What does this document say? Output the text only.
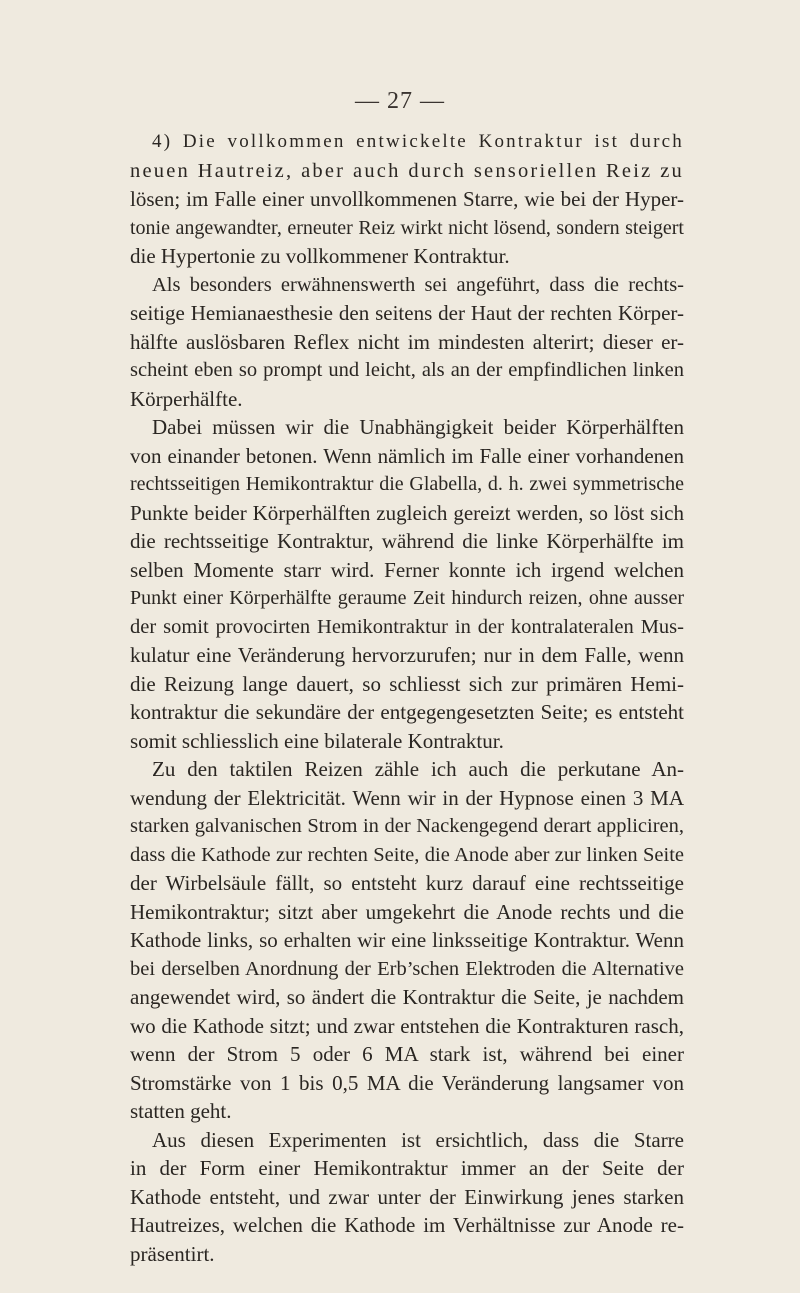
— 27 —
4) Die vollkommen entwickelte Kontraktur ist durch
neuen Hautreiz, aber auch durch sensoriellen Reiz zu
lösen; im Falle einer unvollkommenen Starre, wie bei der Hyper-
tonie angewandter, erneuter Reiz wirkt nicht lösend, sondern steigert
die Hypertonie zu vollkommener Kontraktur.
Als besonders erwähnenswerth sei angeführt, dass die rechts-
seitige Hemianaesthesie den seitens der Haut der rechten Körper-
hälfte auslösbaren Reflex nicht im mindesten alterirt; dieser er-
scheint eben so prompt und leicht, als an der empfindlichen linken
Körperhälfte.
Dabei müssen wir die Unabhängigkeit beider Körperhälften
von einander betonen. Wenn nämlich im Falle einer vorhandenen
rechtsseitigen Hemikontraktur die Glabella, d. h. zwei symmetrische
Punkte beider Körperhälften zugleich gereizt werden, so löst sich
die rechtsseitige Kontraktur, während die linke Körperhälfte im
selben Momente starr wird. Ferner konnte ich irgend welchen
Punkt einer Körperhälfte geraume Zeit hindurch reizen, ohne ausser
der somit provocirten Hemikontraktur in der kontralateralen Mus-
kulatur eine Veränderung hervorzurufen; nur in dem Falle, wenn
die Reizung lange dauert, so schliesst sich zur primären Hemi-
kontraktur die sekundäre der entgegengesetzten Seite; es entsteht
somit schliesslich eine bilaterale Kontraktur.
Zu den taktilen Reizen zähle ich auch die perkutane An-
wendung der Elektricität. Wenn wir in der Hypnose einen 3 MA
starken galvanischen Strom in der Nackengegend derart appliciren,
dass die Kathode zur rechten Seite, die Anode aber zur linken Seite
der Wirbelsäule fällt, so entsteht kurz darauf eine rechtsseitige
Hemikontraktur; sitzt aber umgekehrt die Anode rechts und die
Kathode links, so erhalten wir eine linksseitige Kontraktur. Wenn
bei derselben Anordnung der Erb’schen Elektroden die Alternative
angewendet wird, so ändert die Kontraktur die Seite, je nachdem
wo die Kathode sitzt; und zwar entstehen die Kontrakturen rasch,
wenn der Strom 5 oder 6 MA stark ist, während bei einer
Stromstärke von 1 bis 0,5 MA die Veränderung langsamer von
statten geht.
Aus diesen Experimenten ist ersichtlich, dass die Starre
in der Form einer Hemikontraktur immer an der Seite der
Kathode entsteht, und zwar unter der Einwirkung jenes starken
Hautreizes, welchen die Kathode im Verhältnisse zur Anode re-
präsentirt.
